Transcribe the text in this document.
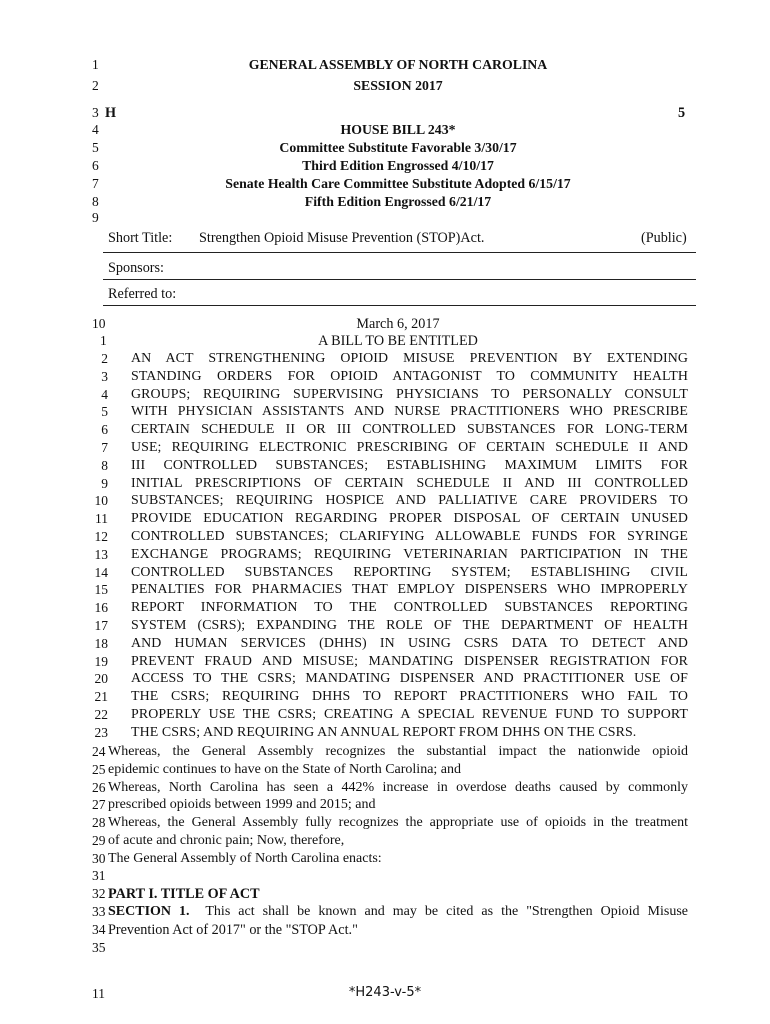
1	GENERAL ASSEMBLY OF NORTH CAROLINA
2	SESSION 2017
3 H	5
4	HOUSE BILL 243*
5	Committee Substitute Favorable 3/30/17
6	Third Edition Engrossed 4/10/17
7	Senate Health Care Committee Substitute Adopted 6/15/17
8	Fifth Edition Engrossed 6/21/17
9
Short Title: Strengthen Opioid Misuse Prevention (STOP)Act.	(Public)
Sponsors:
Referred to:
10	March 6, 2017
1	A BILL TO BE ENTITLED
2 AN ACT STRENGTHENING OPIOID MISUSE PREVENTION BY EXTENDING
3 STANDING ORDERS FOR OPIOID ANTAGONIST TO COMMUNITY HEALTH
4 GROUPS; REQUIRING SUPERVISING PHYSICIANS TO PERSONALLY CONSULT
5 WITH PHYSICIAN ASSISTANTS AND NURSE PRACTITIONERS WHO PRESCRIBE
6 CERTAIN SCHEDULE II OR III CONTROLLED SUBSTANCES FOR LONG-TERM
7 USE; REQUIRING ELECTRONIC PRESCRIBING OF CERTAIN SCHEDULE II AND
8 III CONTROLLED SUBSTANCES; ESTABLISHING MAXIMUM LIMITS FOR
9 INITIAL PRESCRIPTIONS OF CERTAIN SCHEDULE II AND III CONTROLLED
10 SUBSTANCES; REQUIRING HOSPICE AND PALLIATIVE CARE PROVIDERS TO
11 PROVIDE EDUCATION REGARDING PROPER DISPOSAL OF CERTAIN UNUSED
12 CONTROLLED SUBSTANCES; CLARIFYING ALLOWABLE FUNDS FOR SYRINGE
13 EXCHANGE PROGRAMS; REQUIRING VETERINARIAN PARTICIPATION IN THE
14 CONTROLLED SUBSTANCES REPORTING SYSTEM; ESTABLISHING CIVIL
15 PENALTIES FOR PHARMACIES THAT EMPLOY DISPENSERS WHO IMPROPERLY
16 REPORT INFORMATION TO THE CONTROLLED SUBSTANCES REPORTING
17 SYSTEM (CSRS); EXPANDING THE ROLE OF THE DEPARTMENT OF HEALTH
18 AND HUMAN SERVICES (DHHS) IN USING CSRS DATA TO DETECT AND
19 PREVENT FRAUD AND MISUSE; MANDATING DISPENSER REGISTRATION FOR
20 ACCESS TO THE CSRS; MANDATING DISPENSER AND PRACTITIONER USE OF
21 THE CSRS; REQUIRING DHHS TO REPORT PRACTITIONERS WHO FAIL TO
22 PROPERLY USE THE CSRS; CREATING A SPECIAL REVENUE FUND TO SUPPORT
23 THE CSRS; AND REQUIRING AN ANNUAL REPORT FROM DHHS ON THE CSRS.
24 Whereas, the General Assembly recognizes the substantial impact the nationwide opioid
25 epidemic continues to have on the State of North Carolina; and
26 Whereas, North Carolina has seen a 442% increase in overdose deaths caused by commonly
27 prescribed opioids between 1999 and 2015; and
28 Whereas, the General Assembly fully recognizes the appropriate use of opioids in the treatment
29 of acute and chronic pain; Now, therefore,
30 The General Assembly of North Carolina enacts:
31
32 PART I. TITLE OF ACT
33 SECTION 1.  This act shall be known and may be cited as the "Strengthen Opioid Misuse
34 Prevention Act of 2017" or the "STOP Act."
35
11	*H243-v-5*
